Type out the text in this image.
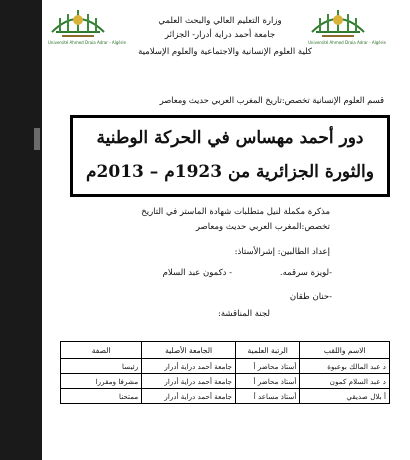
Université Ahmed Draia Adrar - Algérie	Université Ahmed Draia Adrar - Algérie
وزارة التعليم العالي والبحث العلمي
جامعة أحمد دراية أدرار- الجزائر
كلية العلوم الإنسانية والاجتماعية والعلوم الإسلامية
قسم العلوم الإنسانية تخصص:تاريخ المغرب العربي حديث ومعاصر
دور أحمد مهساس في الحركة الوطنية
والثورة الجزائرية من 1923م – 2013م
مذكرة مكملة لنيل متطلبات شهادة الماستر في التاريخ
تخصص:المغرب العربي حديث ومعاصر
إعداد الطالبين: إشرالأستاذ:
-لويزة سرقمه.
- دكمون عبد السلام
-حنان طقان
لجنة المناقشة:
الاسم واللقب	الرتبة العلمية	الجامعة الأصلية	الصفة
د عبد المالك بوعبوة	أستاذ محاضر أ	جامعة أحمد دراية أدرار	رئيسا
د عبد السلام كمون	أستاذ محاضر أ	جامعة أحمد دراية أدرار	مشرفا ومقررا
أ بلال صديقي	أستاذ مساعد أ	جامعة أحمد دراية أدرار	ممتحنا
